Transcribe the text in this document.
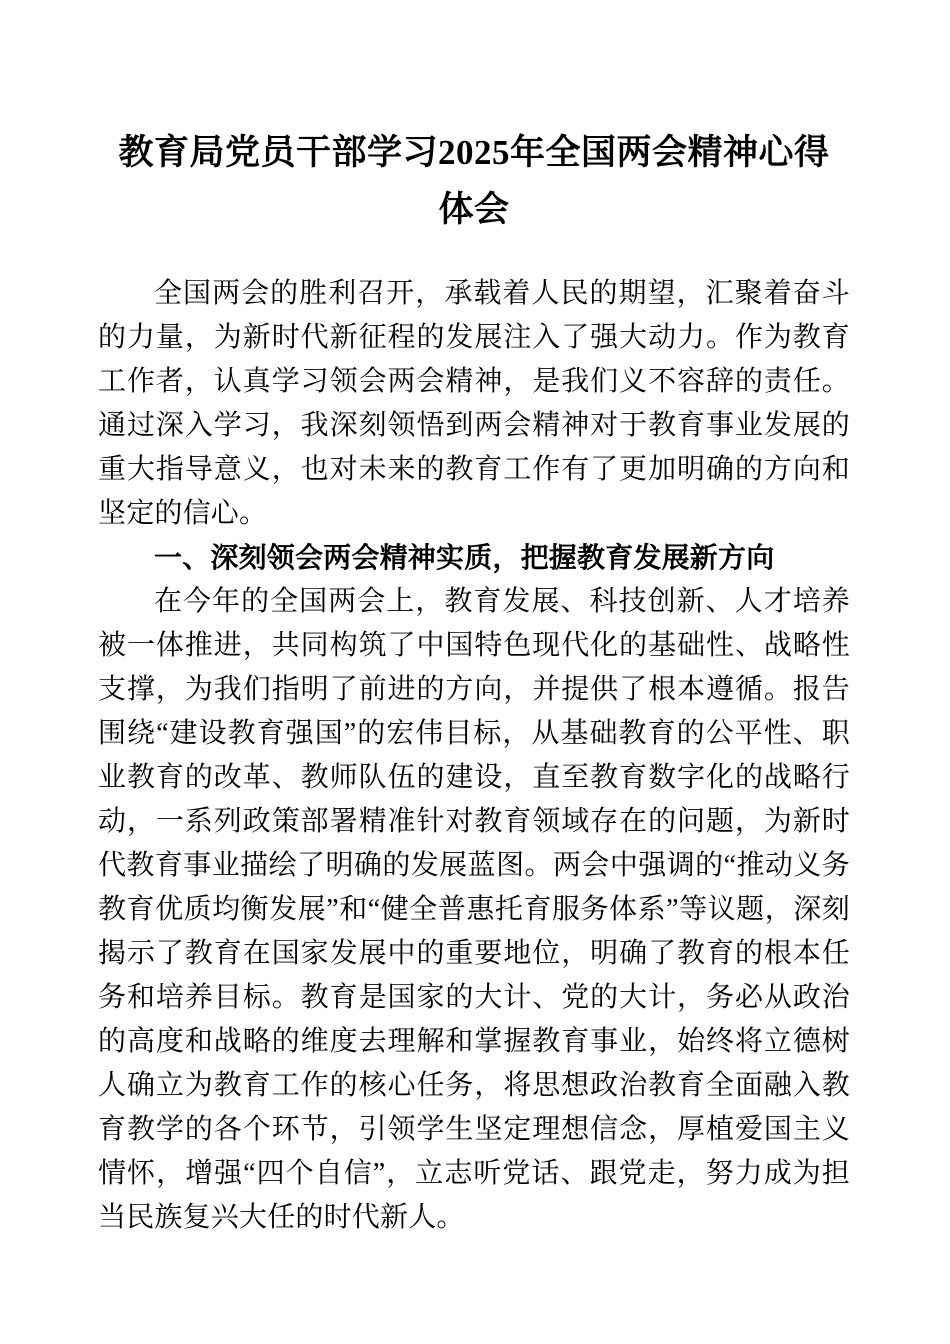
教育局党员干部学习2025年全国两会精神心得体会

全国两会的胜利召开，承载着人民的期望，汇聚着奋斗的力量，为新时代新征程的发展注入了强大动力。作为教育工作者，认真学习领会两会精神，是我们义不容辞的责任。通过深入学习，我深刻领悟到两会精神对于教育事业发展的重大指导意义，也对未来的教育工作有了更加明确的方向和坚定的信心。

一、深刻领会两会精神实质，把握教育发展新方向

在今年的全国两会上，教育发展、科技创新、人才培养被一体推进，共同构筑了中国特色现代化的基础性、战略性支撑，为我们指明了前进的方向，并提供了根本遵循。报告围绕“建设教育强国”的宏伟目标，从基础教育的公平性、职业教育的改革、教师队伍的建设，直至教育数字化的战略行动，一系列政策部署精准针对教育领域存在的问题，为新时代教育事业描绘了明确的发展蓝图。两会中强调的“推动义务教育优质均衡发展”和“健全普惠托育服务体系”等议题，深刻揭示了教育在国家发展中的重要地位，明确了教育的根本任务和培养目标。教育是国家的大计、党的大计，务必从政治的高度和战略的维度去理解和掌握教育事业，始终将立德树人确立为教育工作的核心任务，将思想政治教育全面融入教育教学的各个环节，引领学生坚定理想信念，厚植爱国主义情怀，增强“四个自信”，立志听党话、跟党走，努力成为担当民族复兴大任的时代新人。
